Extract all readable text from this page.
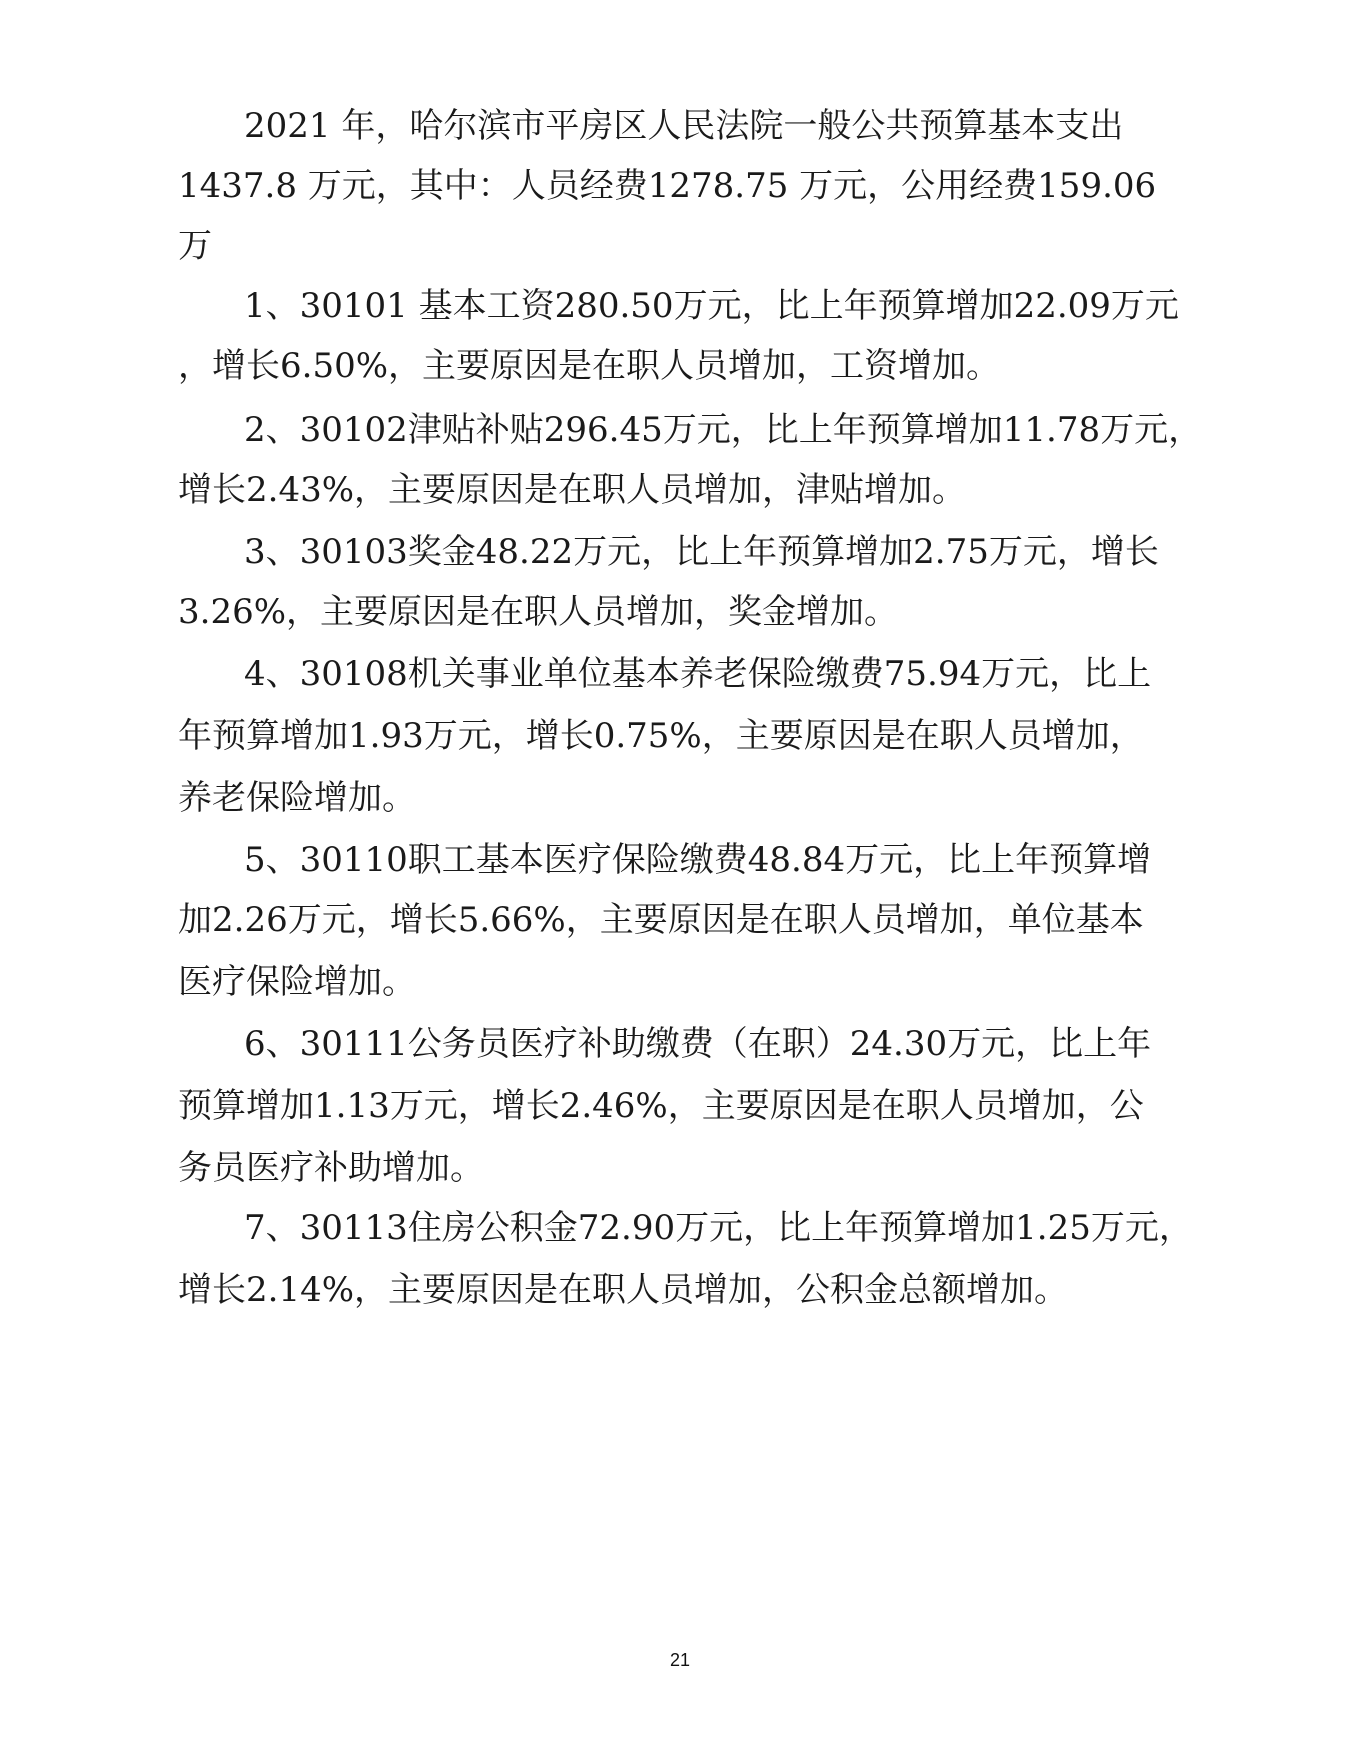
2021 年，哈尔滨市平房区人民法院一般公共预算基本支出
1437.8 万元，其中：人员经费1278.75 万元，公用经费159.06
万
1、30101 基本工资280.50万元，比上年预算增加22.09万元
，增长6.50%，主要原因是在职人员增加，工资增加。
2、30102津贴补贴296.45万元，比上年预算增加11.78万元，
增长2.43%，主要原因是在职人员增加，津贴增加。
3、30103奖金48.22万元，比上年预算增加2.75万元，增长
3.26%，主要原因是在职人员增加，奖金增加。
4、30108机关事业单位基本养老保险缴费75.94万元，比上
年预算增加1.93万元，增长0.75%，主要原因是在职人员增加，
养老保险增加。
5、30110职工基本医疗保险缴费48.84万元，比上年预算增
加2.26万元，增长5.66%，主要原因是在职人员增加，单位基本
医疗保险增加。
6、30111公务员医疗补助缴费（在职）24.30万元，比上年
预算增加1.13万元，增长2.46%，主要原因是在职人员增加，公
务员医疗补助增加。
7、30113住房公积金72.90万元，比上年预算增加1.25万元，
增长2.14%，主要原因是在职人员增加，公积金总额增加。
21
